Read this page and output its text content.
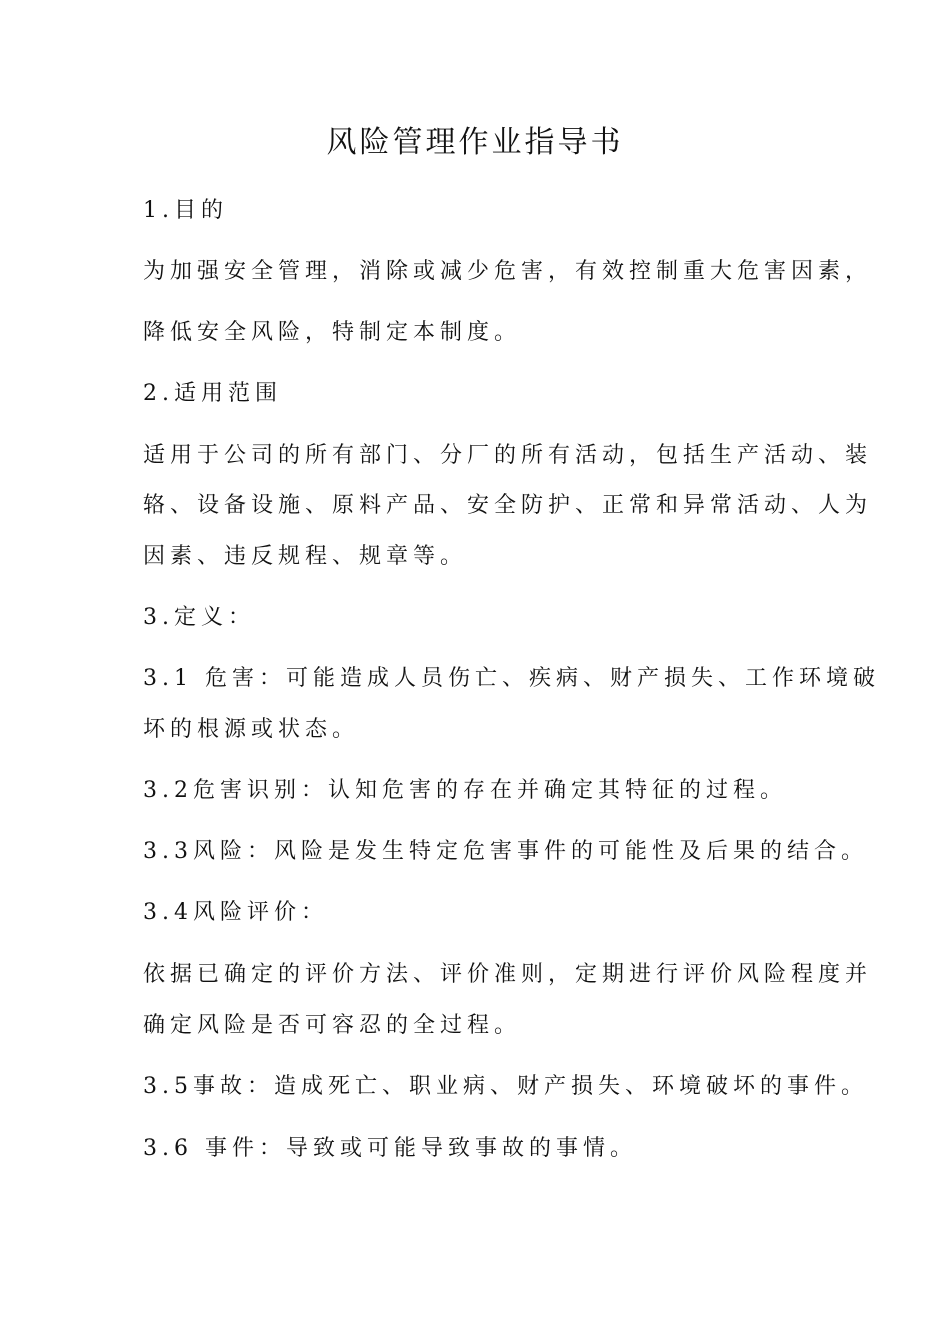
风险管理作业指导书
1.目的
为加强安全管理，消除或减少危害，有效控制重大危害因素，
降低安全风险，特制定本制度。
2.适用范围
适用于公司的所有部门、分厂的所有活动，包括生产活动、装
辂、设备设施、原料产品、安全防护、正常和异常活动、人为
因素、违反规程、规章等。
3.定义：
3.1 危害：可能造成人员伤亡、疾病、财产损失、工作环境破
坏的根源或状态。
3.2危害识别：认知危害的存在并确定其特征的过程。
3.3风险：风险是发生特定危害事件的可能性及后果的结合。
3.4风险评价：
依据已确定的评价方法、评价准则，定期进行评价风险程度并
确定风险是否可容忍的全过程。
3.5事故：造成死亡、职业病、财产损失、环境破坏的事件。
3.6 事件：导致或可能导致事故的事情。
